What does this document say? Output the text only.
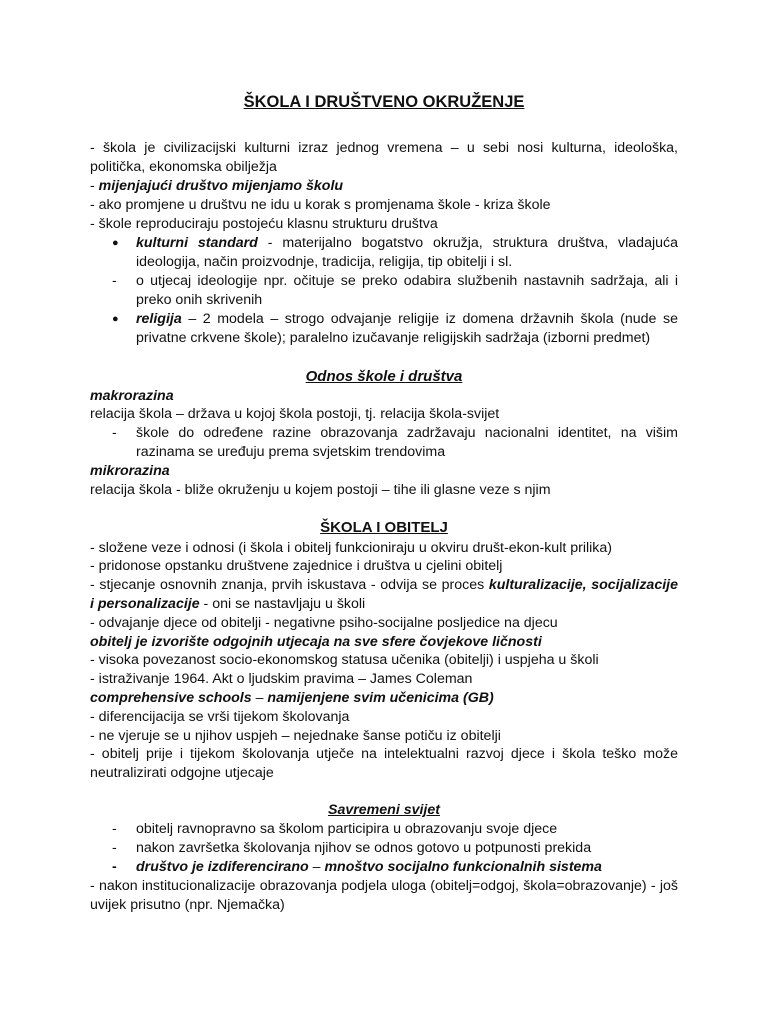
ŠKOLA I DRUŠTVENO OKRUŽENJE
- škola je civilizacijski kulturni izraz jednog vremena – u sebi nosi kulturna, ideološka, politička, ekonomska obilježja
- mijenjajući društvo mijenjamo školu
- ako promjene u društvu ne idu u korak s promjenama škole - kriza škole
- škole reproduciraju postojeću klasnu strukturu društva
● kulturni standard - materijalno bogatstvo okružja, struktura društva, vladajuća ideologija, način proizvodnje, tradicija, religija, tip obitelji i sl.
- o utjecaj ideologije npr. očituje se preko odabira službenih nastavnih sadržaja, ali i preko onih skrivenih
● religija – 2 modela – strogo odvajanje religije iz domena državnih škola (nude se privatne crkvene škole); paralelno izučavanje religijskih sadržaja (izborni predmet)
Odnos škole i društva
makrorazina
relacija škola – država u kojoj škola postoji, tj. relacija škola-svijet
- škole do određene razine obrazovanja zadržavaju nacionalni identitet, na višim razinama se uređuju prema svjetskim trendovima
mikrorazina
relacija škola - bliže okruženju u kojem postoji – tihe ili glasne veze s njim
ŠKOLA I OBITELJ
- složene veze i odnosi (i škola i obitelj funkcioniraju u okviru društ-ekon-kult prilika)
- pridonose opstanku društvene zajednice i društva u cjelini obitelj
- stjecanje osnovnih znanja, prvih iskustava - odvija se proces kulturalizacije, socijalizacije i personalizacije - oni se nastavljaju u školi
- odvajanje djece od obitelji - negativne psiho-socijalne posljedice na djecu
obitelj je izvorište odgojnih utjecaja na sve sfere čovjekove ličnosti
- visoka povezanost socio-ekonomskog statusa učenika (obitelji) i uspjeha u školi
- istraživanje 1964. Akt o ljudskim pravima – James Coleman
comprehensive schools – namijenjene svim učenicima (GB)
- diferencijacija se vrši tijekom školovanja
- ne vjeruje se u njihov uspjeh – nejednake šanse potiču iz obitelji
- obitelj prije i tijekom školovanja utječe na intelektualni razvoj djece i škola teško može neutralizirati odgojne utjecaje
Savremeni svijet
- obitelj ravnopravno sa školom participira u obrazovanju svoje djece
- nakon završetka školovanja njihov se odnos gotovo u potpunosti prekida
- društvo je izdiferencirano – mnoštvo socijalno funkcionalnih sistema
- nakon institucionalizacije obrazovanja podjela uloga (obitelj=odgoj, škola=obrazovanje) - još uvijek prisutno (npr. Njemačka)
